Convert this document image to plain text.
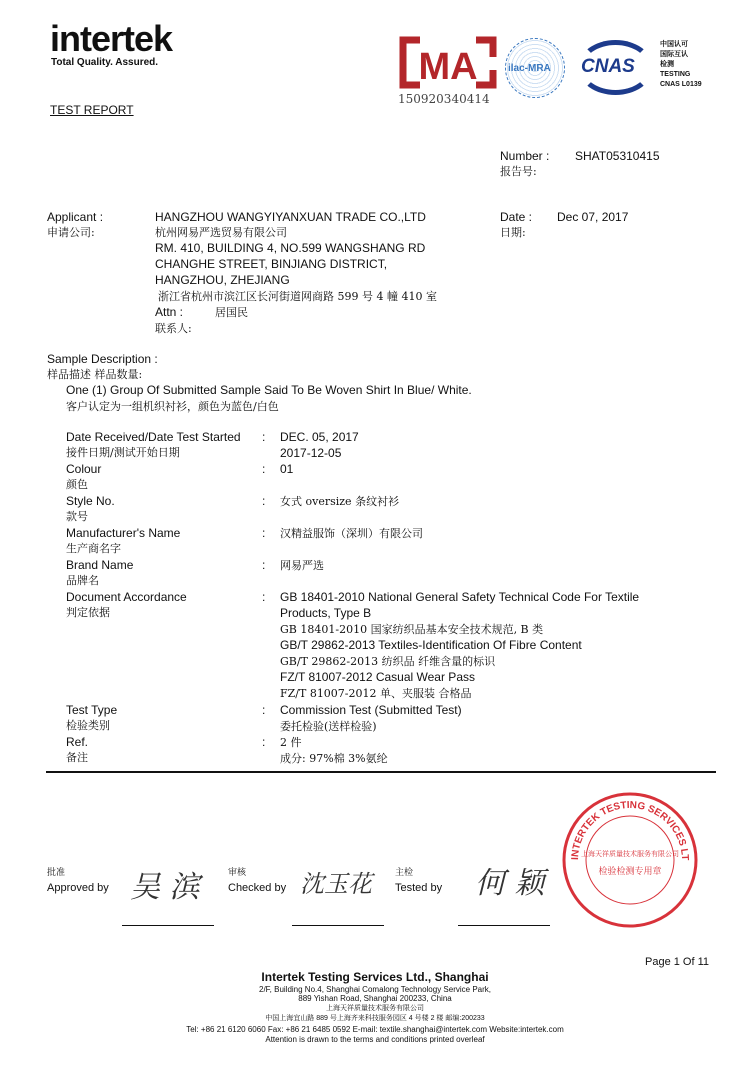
intertek
Total Quality. Assured.
TEST REPORT
MA
150920340414
ilac-MRA CNAS
中国认可
国际互认
检测
TESTING
CNAS L0139
Number :
报告号:
SHAT05310415
Applicant :
申请公司:
HANGZHOU WANGYIYANXUAN TRADE CO.,LTD
杭州网易严选贸易有限公司
RM. 410, BUILDING 4, NO.599 WANGSHANG RD
CHANGHE STREET, BINJIANG DISTRICT,
HANGZHOU, ZHEJIANG
浙江省杭州市滨江区长河街道网商路 599 号 4 幢 410 室
Attn :	居国民
联系人:
Date :
日期:
Dec 07, 2017
Sample Description :
样品描述 样品数量:
One (1) Group Of Submitted Sample Said To Be Woven Shirt In Blue/ White.
客户认定为一组机织衬衫，颜色为蓝色/白色
Date Received/Date Test Started
接件日期/测试开始日期
: DEC. 05, 2017
2017-12-05
Colour
颜色
: 01
Style No.
款号
: 女式 oversize 条纹衬衫
Manufacturer's Name
生产商名字
: 汉精益服饰（深圳）有限公司
Brand Name
品牌名
: 网易严选
Document Accordance
判定依据
: GB 18401-2010 National General Safety Technical Code For Textile
Products, Type B
GB 18401-2010 国家纺织品基本安全技术规范, B 类
GB/T 29862-2013 Textiles-Identification Of Fibre Content
GB/T 29862-2013 纺织品 纤维含量的标识
FZ/T 81007-2012 Casual Wear Pass
FZ/T 81007-2012 单、夹服装 合格品
Test Type
检验类别
: Commission Test (Submitted Test)
委托检验(送样检验)
Ref.
备注
: 2 件
成分: 97%棉 3%氨纶
批准
Approved by 吴 滨	审核
Checked by 沈玉花	主检
Tested by 何 颖
INTERTEK TESTING SERVICES LT
上海天祥质量技术服务有限公司
检验检测专用章
Page 1 Of 11
Intertek Testing Services Ltd., Shanghai
2/F, Building No.4, Shanghai Comalong Technology Service Park,
889 Yishan Road, Shanghai 200233, China
上海天祥质量技术服务有限公司
中国上海宜山路 889 号上海齐来科技服务园区 4 号楼 2 楼 邮编:200233
Tel: +86 21 6120 6060 Fax: +86 21 6485 0592 E-mail: textile.shanghai@intertek.com Website:intertek.com
Attention is drawn to the terms and conditions printed overleaf
